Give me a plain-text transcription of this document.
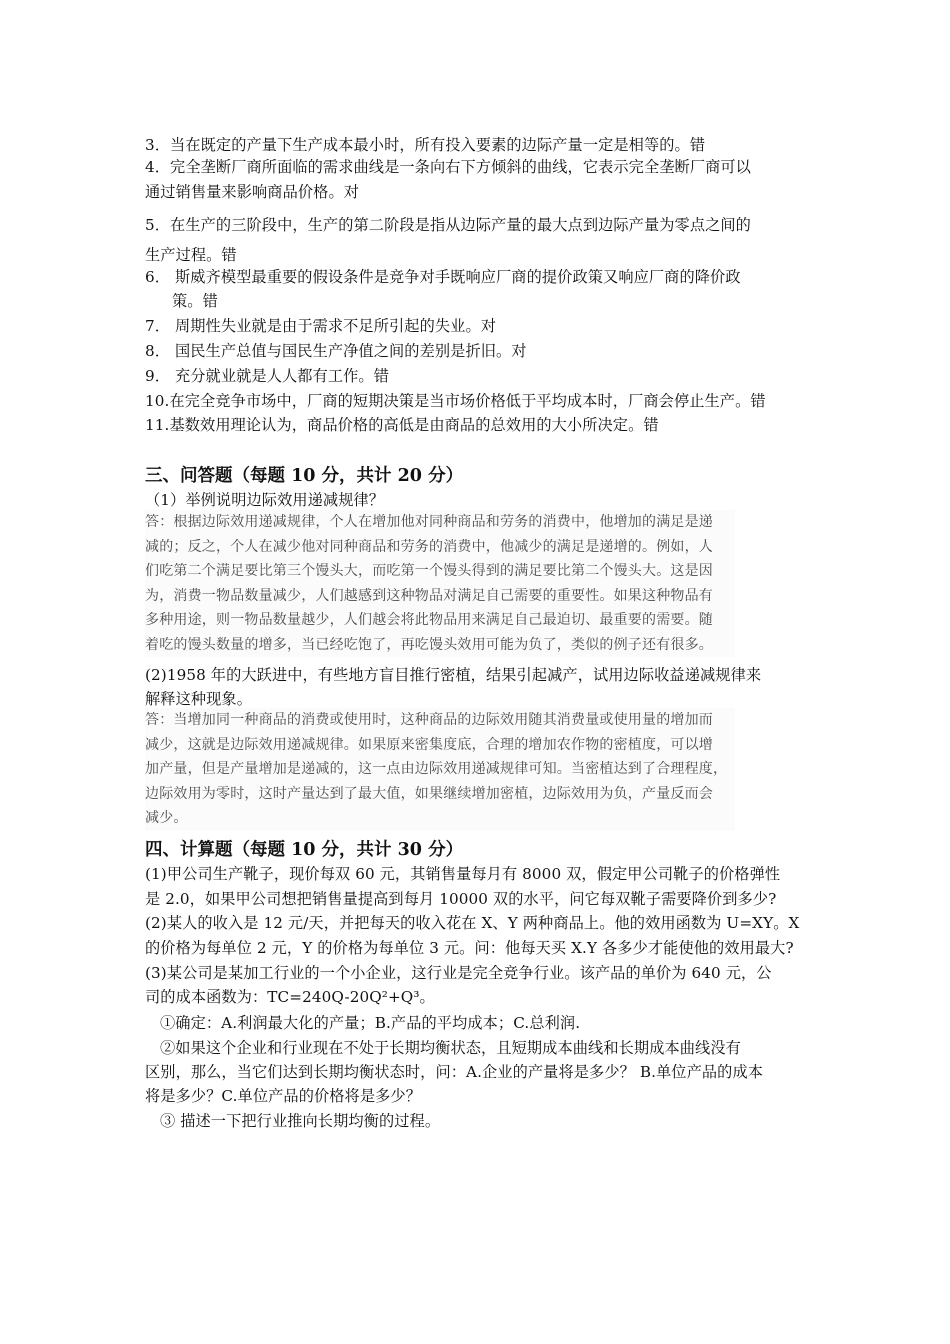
3．当在既定的产量下生产成本最小时，所有投入要素的边际产量一定是相等的。错
4．完全垄断厂商所面临的需求曲线是一条向右下方倾斜的曲线，它表示完全垄断厂商可以
通过销售量来影响商品价格。对
5．在生产的三阶段中，生产的第二阶段是指从边际产量的最大点到边际产量为零点之间的
生产过程。错
6． 斯威齐模型最重要的假设条件是竞争对手既响应厂商的提价政策又响应厂商的降价政
策。错
7． 周期性失业就是由于需求不足所引起的失业。对
8． 国民生产总值与国民生产净值之间的差别是折旧。对
9． 充分就业就是人人都有工作。错
10.在完全竞争市场中，厂商的短期决策是当市场价格低于平均成本时，厂商会停止生产。错
11.基数效用理论认为，商品价格的高低是由商品的总效用的大小所决定。错
三、问答题（每题 10 分，共计 20 分）
（1）举例说明边际效用递减规律？
答：根据边际效用递减规律，个人在增加他对同种商品和劳务的消费中，他增加的满足是递
减的；反之，个人在减少他对同种商品和劳务的消费中，他减少的满足是递增的。例如，人
们吃第二个满足要比第三个馒头大，而吃第一个馒头得到的满足要比第二个馒头大。这是因
为，消费一物品数量减少，人们越感到这种物品对满足自己需要的重要性。如果这种物品有
多种用途，则一物品数量越少，人们越会将此物品用来满足自己最迫切、最重要的需要。随
着吃的馒头数量的增多，当已经吃饱了，再吃馒头效用可能为负了，类似的例子还有很多。
(2)1958 年的大跃进中，有些地方盲目推行密植，结果引起减产，试用边际收益递减规律来
解释这种现象。
答：当增加同一种商品的消费或使用时，这种商品的边际效用随其消费量或使用量的增加而
减少，这就是边际效用递减规律。如果原来密集度底，合理的增加农作物的密植度，可以增
加产量，但是产量增加是递减的，这一点由边际效用递减规律可知。当密植达到了合理程度，
边际效用为零时，这时产量达到了最大值，如果继续增加密植，边际效用为负，产量反而会
减少。
四、计算题（每题 10 分，共计 30 分）
(1)甲公司生产靴子，现价每双 60 元，其销售量每月有 8000 双，假定甲公司靴子的价格弹性
是 2.0，如果甲公司想把销售量提高到每月 10000 双的水平，问它每双靴子需要降价到多少?
(2)某人的收入是 12 元/天，并把每天的收入花在 X、Y 两种商品上。他的效用函数为 U=XY。X
的价格为每单位 2 元，Y 的价格为每单位 3 元。问：他每天买 X.Y 各多少才能使他的效用最大?
(3)某公司是某加工行业的一个小企业，这行业是完全竞争行业。该产品的单价为 640 元，公
司的成本函数为：TC=240Q-20Q²+Q³。
①确定：A.利润最大化的产量；B.产品的平均成本；C.总利润.
②如果这个企业和行业现在不处于长期均衡状态，且短期成本曲线和长期成本曲线没有
区别，那么，当它们达到长期均衡状态时，问：A.企业的产量将是多少？ B.单位产品的成本
将是多少？C.单位产品的价格将是多少？
③ 描述一下把行业推向长期均衡的过程。
